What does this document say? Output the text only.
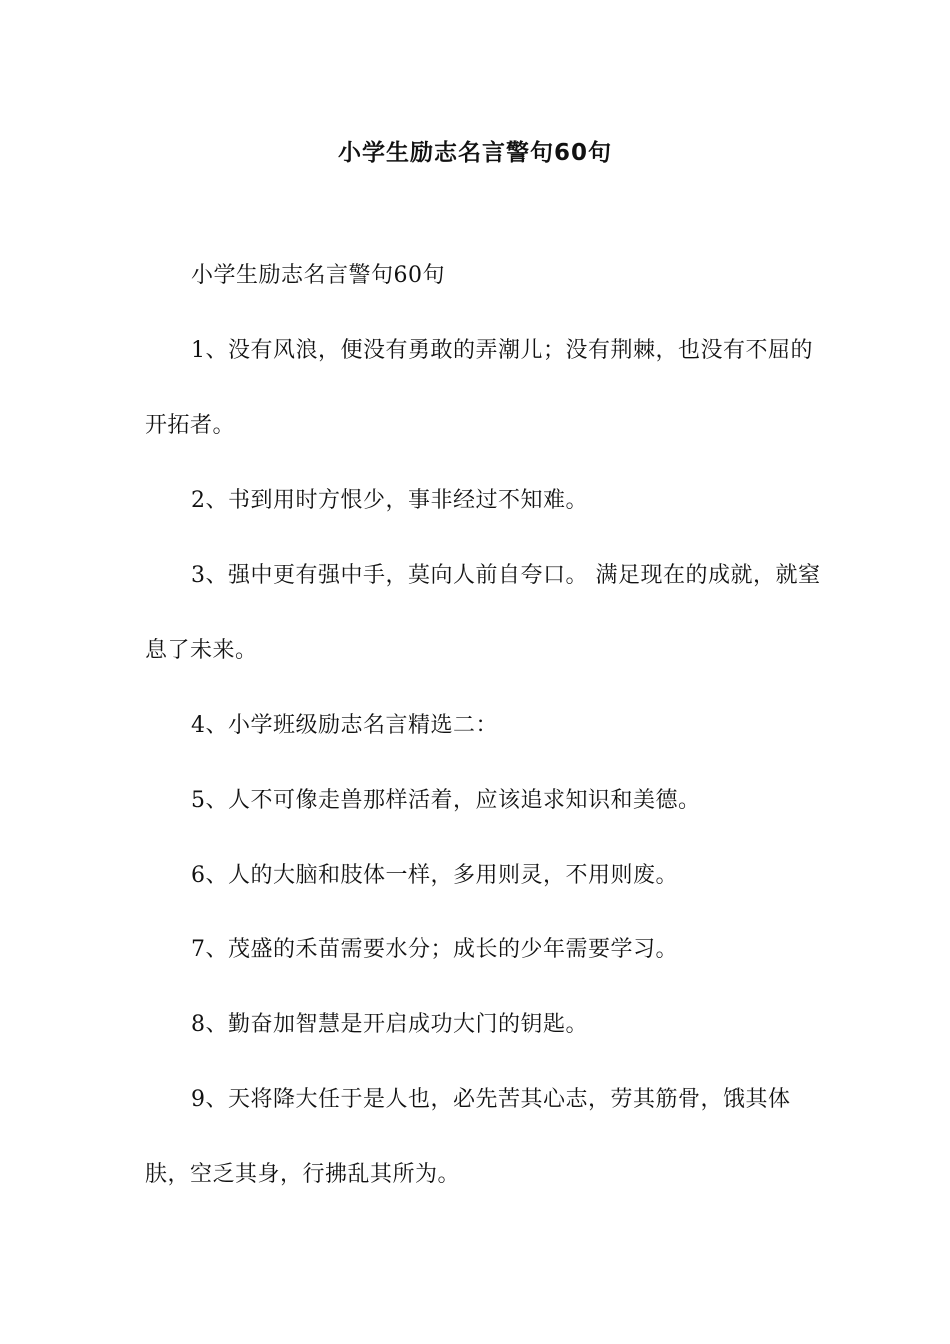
小学生励志名言警句60句

小学生励志名言警句60句

1、没有风浪，便没有勇敢的弄潮儿；没有荆棘，也没有不屈的开拓者。

2、书到用时方恨少，事非经过不知难。

3、强中更有强中手，莫向人前自夸口。 满足现在的成就，就窒息了未来。

4、小学班级励志名言精选二：

5、人不可像走兽那样活着，应该追求知识和美德。

6、人的大脑和肢体一样，多用则灵，不用则废。

7、茂盛的禾苗需要水分；成长的少年需要学习。

8、勤奋加智慧是开启成功大门的钥匙。

9、天将降大任于是人也，必先苦其心志，劳其筋骨，饿其体肤，空乏其身，行拂乱其所为。
